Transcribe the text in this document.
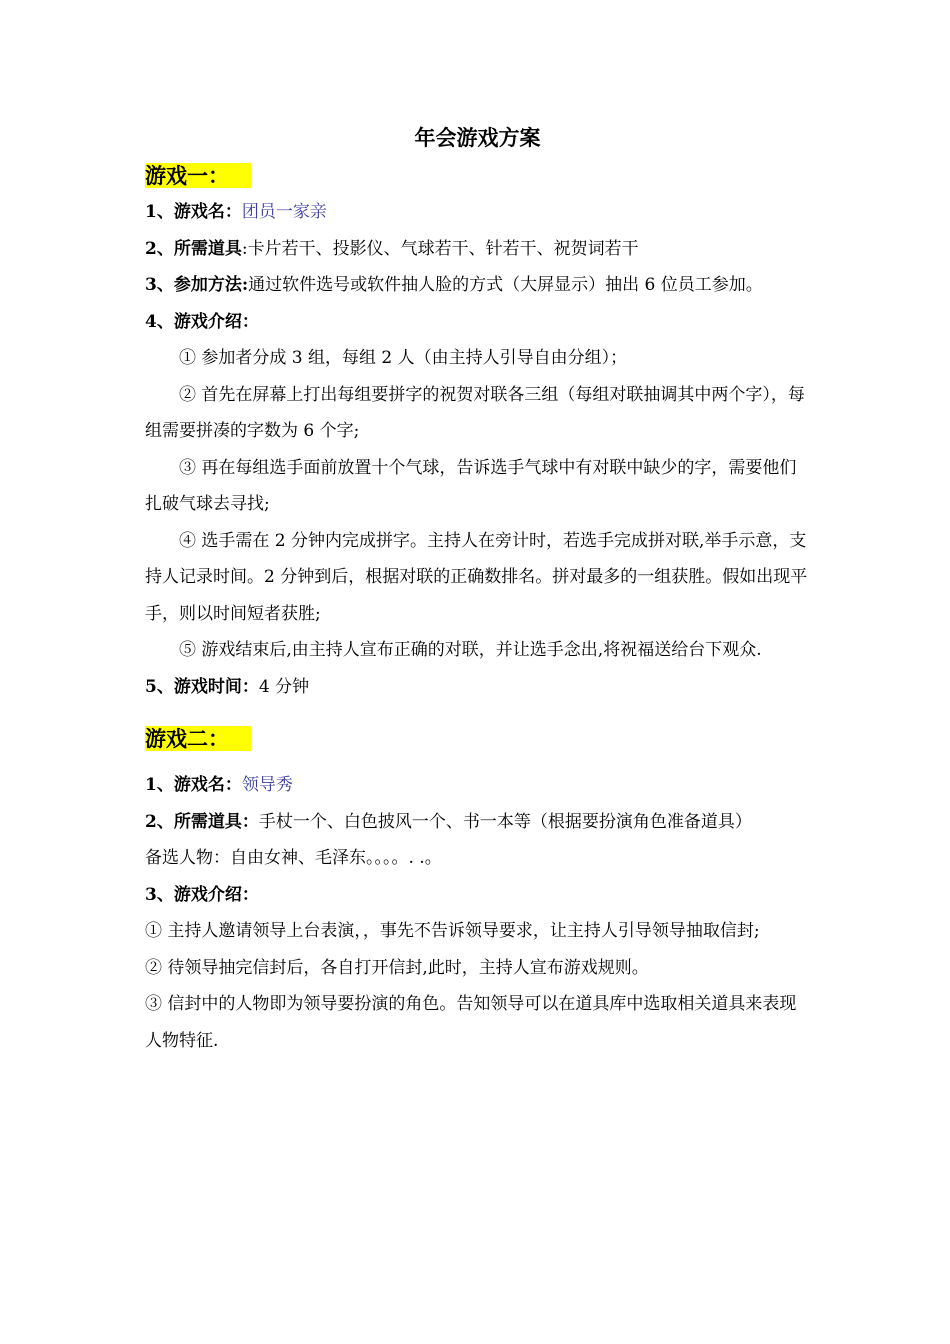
年会游戏方案

游戏一：

1、游戏名：团员一家亲

2、所需道具:卡片若干、投影仪、气球若干、针若干、祝贺词若干

3、参加方法:通过软件选号或软件抽人脸的方式（大屏显示）抽出 6 位员工参加。

4、游戏介绍：

① 参加者分成 3 组，每组 2 人（由主持人引导自由分组）；

② 首先在屏幕上打出每组要拼字的祝贺对联各三组（每组对联抽调其中两个字），每组需要拼凑的字数为 6 个字;

③ 再在每组选手面前放置十个气球，告诉选手气球中有对联中缺少的字，需要他们扎破气球去寻找;

④ 选手需在 2 分钟内完成拼字。主持人在旁计时，若选手完成拼对联,举手示意，支持人记录时间。2 分钟到后，根据对联的正确数排名。拼对最多的一组获胜。假如出现平手，则以时间短者获胜;

⑤ 游戏结束后,由主持人宣布正确的对联，并让选手念出,将祝福送给台下观众.

5、游戏时间：4 分钟

游戏二：

1、游戏名：领导秀

2、所需道具：手杖一个、白色披风一个、书一本等（根据要扮演角色准备道具）

备选人物：自由女神、毛泽东。。。。. .。

3、游戏介绍：

① 主持人邀请领导上台表演，，事先不告诉领导要求，让主持人引导领导抽取信封;

② 待领导抽完信封后，各自打开信封,此时，主持人宣布游戏规则。

③ 信封中的人物即为领导要扮演的角色。告知领导可以在道具库中选取相关道具来表现人物特征.
